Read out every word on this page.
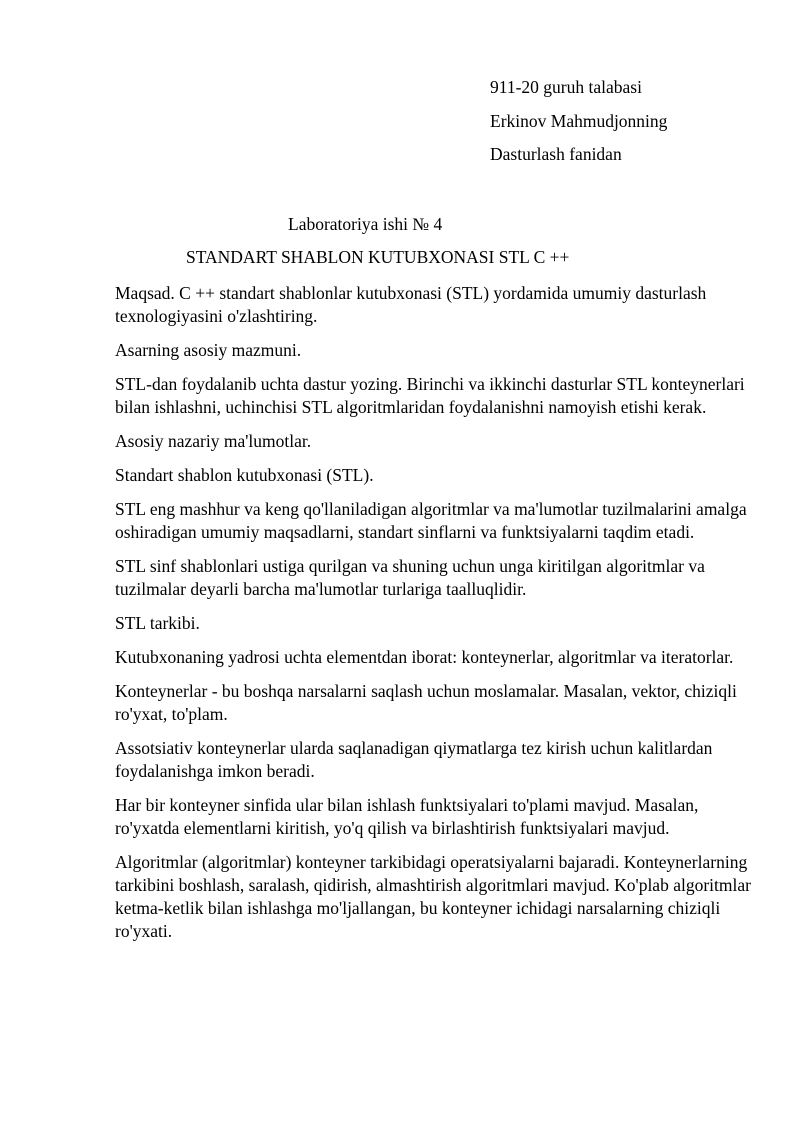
911-20 guruh talabasi
Erkinov Mahmudjonning
Dasturlash fanidan
Laboratoriya ishi № 4
STANDART SHABLON KUTUBXONASI STL C ++

Maqsad. C ++ standart shablonlar kutubxonasi (STL) yordamida umumiy dasturlash texnologiyasini o'zlashtiring.

Asarning asosiy mazmuni.

STL-dan foydalanib uchta dastur yozing. Birinchi va ikkinchi dasturlar STL konteynerlari bilan ishlashni, uchinchisi STL algoritmlaridan foydalanishni namoyish etishi kerak.

Asosiy nazariy ma'lumotlar.

Standart shablon kutubxonasi (STL).

STL eng mashhur va keng qo'llaniladigan algoritmlar va ma'lumotlar tuzilmalarini amalga oshiradigan umumiy maqsadlarni, standart sinflarni va funktsiyalarni taqdim etadi.

STL sinf shablonlari ustiga qurilgan va shuning uchun unga kiritilgan algoritmlar va tuzilmalar deyarli barcha ma'lumotlar turlariga taalluqlidir.

STL tarkibi.

Kutubxonaning yadrosi uchta elementdan iborat: konteynerlar, algoritmlar va iteratorlar.

Konteynerlar - bu boshqa narsalarni saqlash uchun moslamalar. Masalan, vektor, chiziqli ro'yxat, to'plam.

Assotsiativ konteynerlar ularda saqlanadigan qiymatlarga tez kirish uchun kalitlardan foydalanishga imkon beradi.

Har bir konteyner sinfida ular bilan ishlash funktsiyalari to'plami mavjud. Masalan, ro'yxatda elementlarni kiritish, yo'q qilish va birlashtirish funktsiyalari mavjud.

Algoritmlar (algoritmlar) konteyner tarkibidagi operatsiyalarni bajaradi. Konteynerlarning tarkibini boshlash, saralash, qidirish, almashtirish algoritmlari mavjud. Ko'plab algoritmlar ketma-ketlik bilan ishlashga mo'ljallangan, bu konteyner ichidagi narsalarning chiziqli ro'yxati.
